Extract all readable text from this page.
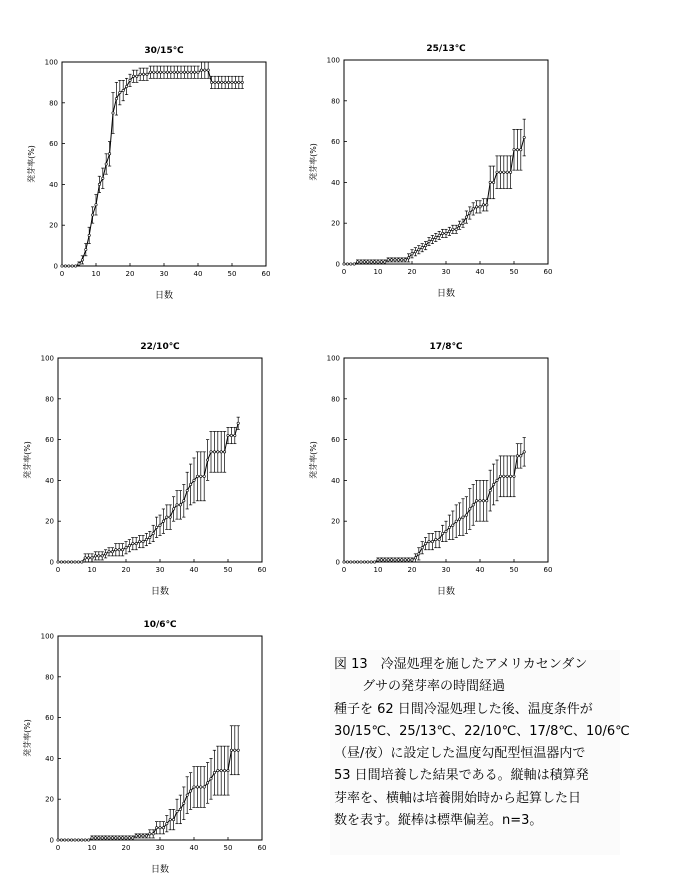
30/15℃
0	10	20	30	40	50	60
0
20
40
60
80
100
日数
発芽率(%)
25/13℃
0	10	20	30	40	50	60
0
20
40
60
80
100
日数
発芽率(%)
22/10℃
0	10	20	30	40	50	60
0
20
40
60
80
100
日数
発芽率(%)
17/8℃
0	10	20	30	40	50	60
0
20
40
60
80
100
日数
発芽率(%)
10/6℃
0	10	20	30	40	50	60
0
20
40
60
80
100
日数
発芽率(%)
図 13　冷湿処理を施したアメリカセンダン
グサの発芽率の時間経過
種子を 62 日間冷湿処理した後、温度条件が
30/15℃、25/13℃、22/10℃、17/8℃、10/6℃
（昼/夜）に設定した温度勾配型恒温器内で
53 日間培養した結果である。縦軸は積算発
芽率を、横軸は培養開始時から起算した日
数を表す。縦棒は標準偏差。n=3。
